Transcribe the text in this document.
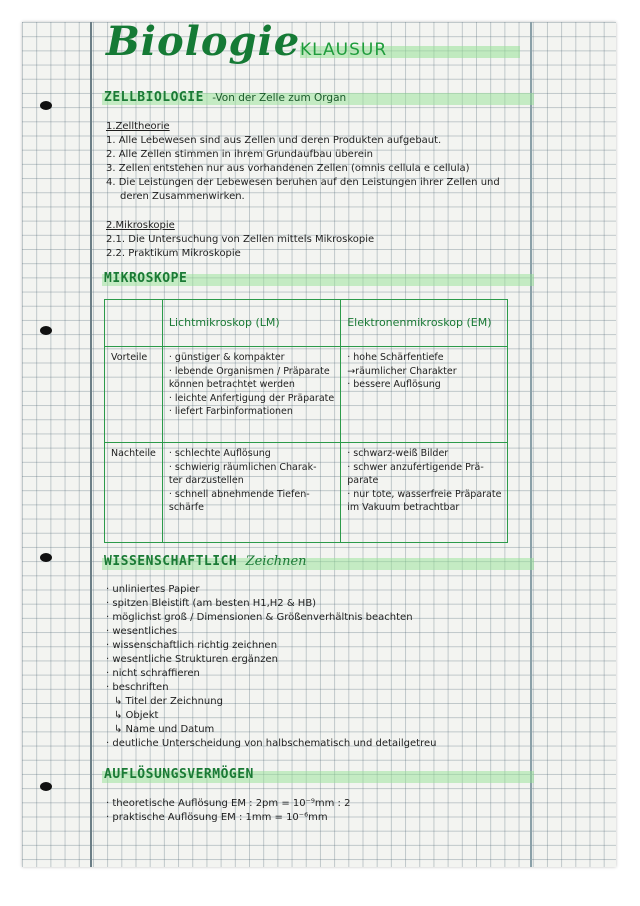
Biologie KLAUSUR
ZELLBIOLOGIE -Von der Zelle zum Organ
1.Zelltheorie
1. Alle Lebewesen sind aus Zellen und deren Produkten aufgebaut.
2. Alle Zellen stimmen in ihrem Grundaufbau überein
3. Zellen entstehen nur aus vorhandenen Zellen (omnis cellula e cellula)
4. Die Leistungen der Lebewesen beruhen auf den Leistungen ihrer Zellen und
deren Zusammenwirken.
2.Mikroskopie
2.1. Die Untersuchung von Zellen mittels Mikroskopie
2.2. Praktikum Mikroskopie
MIKROSKOPE
	Lichtmikroskop (LM)	Elektronenmikroskop (EM)
Vorteile	· günstiger & kompakter
· lebende Organismen / Präparate
können betrachtet werden
· leichte Anfertigung der Präparate
· liefert Farbinformationen	· hohe Schärfentiefe
→räumlicher Charakter
· bessere Auflösung

Nachteile	· schlechte Auflösung
· schwierig räumlichen Charak-
ter darzustellen
· schnell abnehmende Tiefen-
schärfe	· schwarz-weiß Bilder
· schwer anzufertigende Prä-
parate
· nur tote, wasserfreie Präparate
im Vakuum betrachtbar
WISSENSCHAFTLICH Zeichnen
· unliniertes Papier
· spitzen Bleistift (am besten H1,H2 & HB)
· möglichst groß / Dimensionen & Größenverhältnis beachten
· wesentliches
· wissenschaftlich richtig zeichnen
· wesentliche Strukturen ergänzen
· nicht schraffieren
· beschriften
↳ Titel der Zeichnung
↳ Objekt
↳ Name und Datum
· deutliche Unterscheidung von halbschematisch und detailgetreu
AUFLÖSUNGSVERMÖGEN
· theoretische Auflösung EM : 2pm = 10⁻⁹mm : 2
· praktische Auflösung EM : 1mm = 10⁻⁶mm
